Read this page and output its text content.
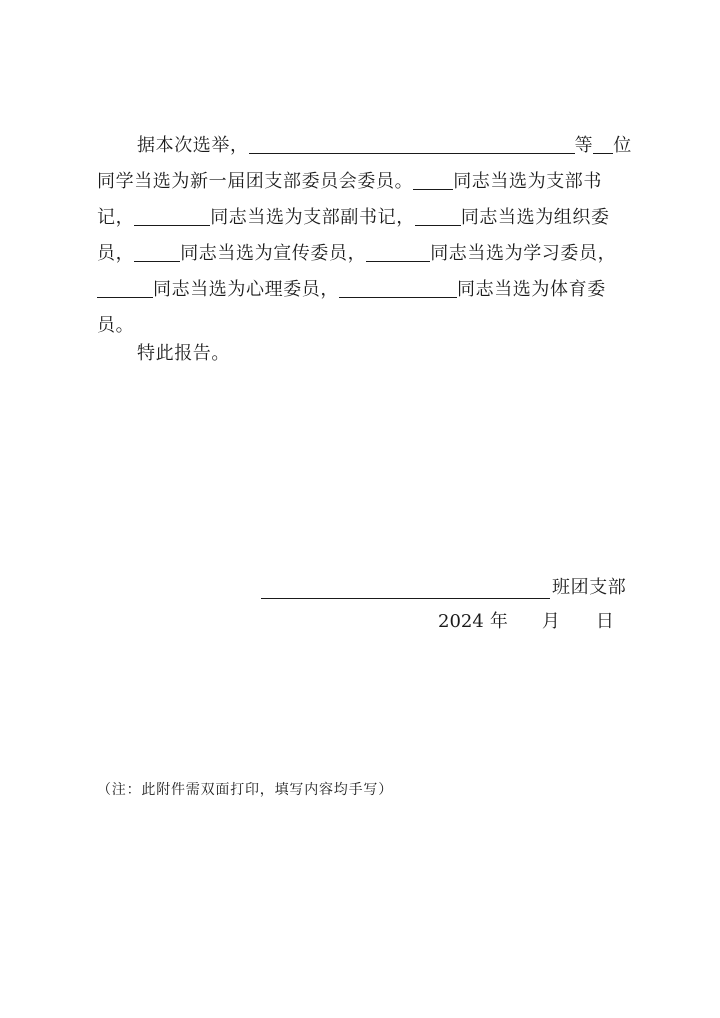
据本次选举，	等 位
同学当选为新一届团支部委员会委员。 同志当选为支部书
记，	同志当选为支部副书记，	同志当选为组织委
员，	同志当选为宣传委员，	同志当选为学习委员，
同志当选为心理委员，	同志当选为体育委
员。
特此报告。
班团支部
2024 年 月 日
（注：此附件需双面打印，填写内容均手写）
